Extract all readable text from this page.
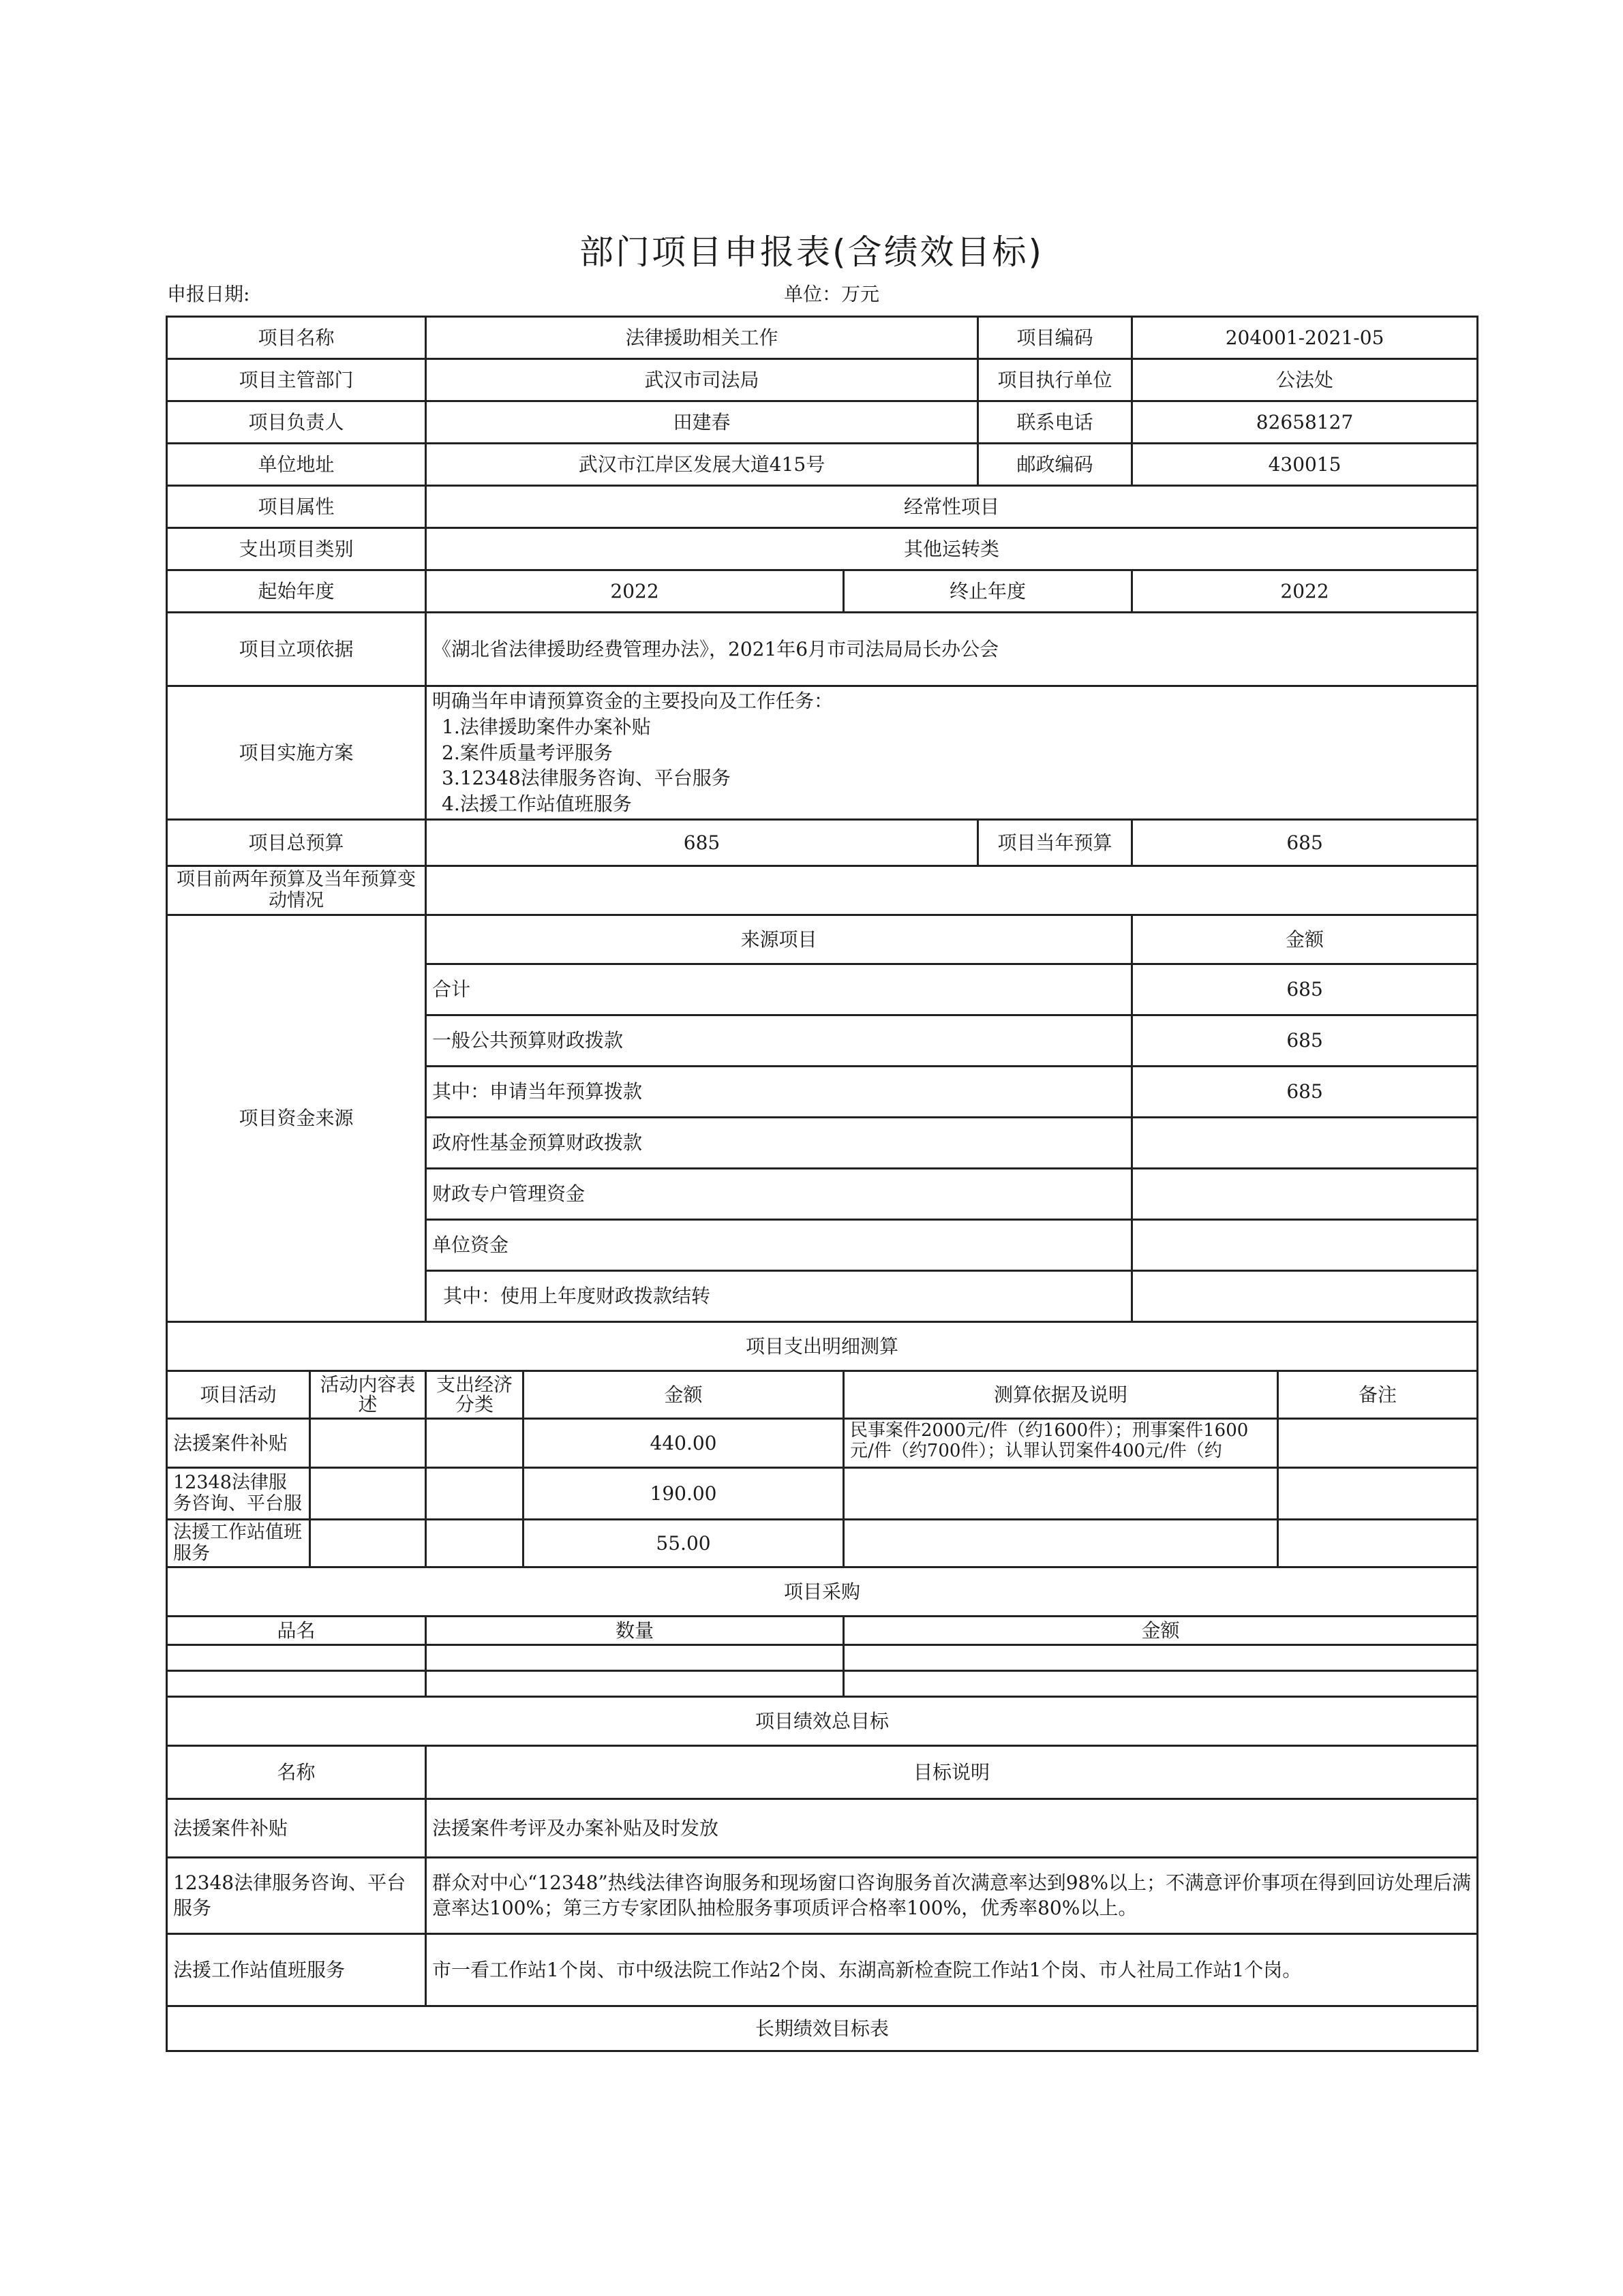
部门项目申报表(含绩效目标)
申报日期:	单位：万元
项目名称		法律援助相关工作			项目编码	204001-2021-05	
项目主管部门		武汉市司法局			项目执行单位	公法处	
项目负责人		田建春			联系电话	82658127	
单位地址		武汉市江岸区发展大道415号			邮政编码	430015	
项目属性		经常性项目					
支出项目类别		其他运转类					
起始年度		2022		终止年度		2022	
项目立项依据		《湖北省法律援助经费管理办法》，2021年6月市司法局局长办公会					
项目实施方案		明确当年申请预算资金的主要投向及工作任务：
1.法律援助案件办案补贴
2.案件质量考评服务
3.12348法律服务咨询、平台服务
4.法援工作站值班服务					

项目总预算		685			项目当年预算	685	
项目前两年预算及当年预算变动情况							
项目资金来源		来源项目				金额	
		合计				685	
		一般公共预算财政拨款				685	
		其中：申请当年预算拨款				685	
		政府性基金预算财政拨款					
		财政专户管理资金					
		单位资金					
		其中：使用上年度财政拨款结转					
项目支出明细测算							
项目活动	活动内容表述	支出经济分类	金额	测算依据及说明			备注
法援案件补贴			440.00	民事案件2000元/件（约1600件）；刑事案件1600元/件（约700件）；认罪认罚案件400元/件（约			

12348法律服务咨询、平台服			190.00				
法援工作站值班服务			55.00				
项目采购							
品名		数量		金额			

项目绩效总目标							
名称		目标说明					
法援案件补贴		法援案件考评及办案补贴及时发放					
12348法律服务咨询、平台服务		群众对中心“12348”热线法律咨询服务和现场窗口咨询服务首次满意率达到98%以上；不满意评价事项在得到回访处理后满意率达100%；第三方专家团队抽检服务事项质评合格率100%，优秀率80%以上。					
法援工作站值班服务		市一看工作站1个岗、市中级法院工作站2个岗、东湖高新检查院工作站1个岗、市人社局工作站1个岗。					
长期绩效目标表							
